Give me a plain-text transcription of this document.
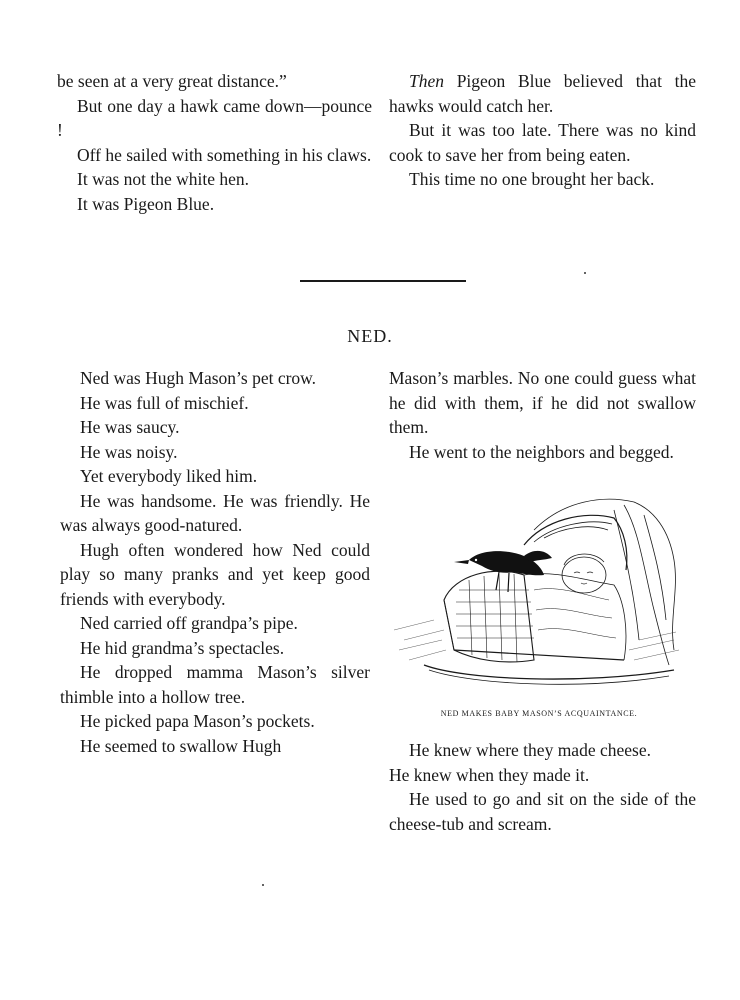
be seen at a very great distance.”

But one day a hawk came down—pounce !

Off he sailed with something in his claws.

It was not the white hen.

It was Pigeon Blue.

Then Pigeon Blue believed that the hawks would catch her.

But it was too late. There was no kind cook to save her from being eaten.

This time no one brought her back.

NED.

Ned was Hugh Mason’s pet crow.

He was full of mischief.

He was saucy.

He was noisy.

Yet everybody liked him.

He was handsome. He was friendly. He was always good-natured.

Hugh often wondered how Ned could play so many pranks and yet keep good friends with everybody.

Ned carried off grandpa’s pipe.

He hid grandma’s spectacles.

He dropped mamma Mason’s silver thimble into a hollow tree.

He picked papa Mason’s pockets.

He seemed to swallow Hugh

Mason’s marbles. No one could guess what he did with them, if he did not swallow them.

He went to the neighbors and begged.

NED MAKES BABY MASON’S ACQUAINTANCE.

He knew where they made cheese.

He knew when they made it.

He used to go and sit on the side of the cheese-tub and scream.
